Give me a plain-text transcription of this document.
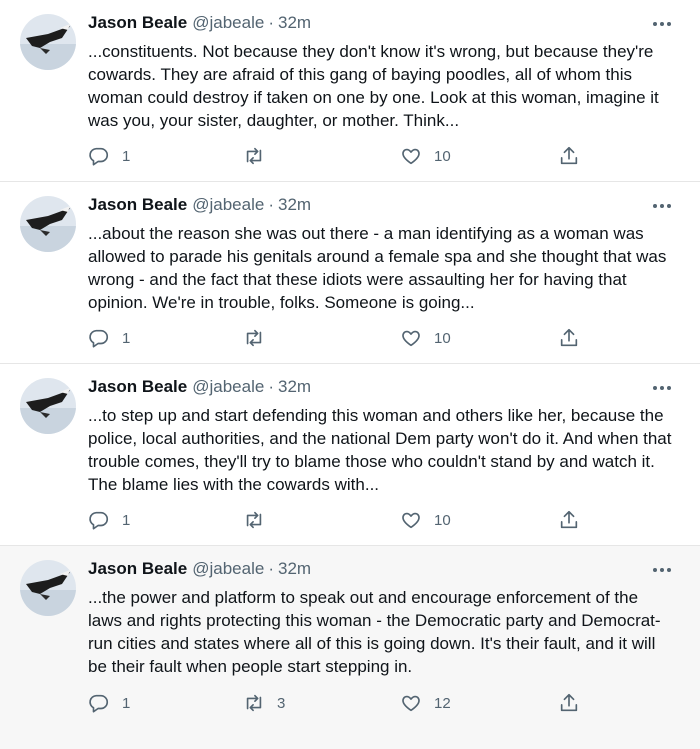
Jason Beale @jabeale · 32m
...constituents. Not because they don't know it's wrong, but because they're cowards. They are afraid of this gang of baying poodles, all of whom this woman could destroy if taken on one by one. Look at this woman, imagine it was you, your sister, daughter, or mother. Think...
1	10
Jason Beale @jabeale · 32m
...about the reason she was out there - a man identifying as a woman was allowed to parade his genitals around a female spa and she thought that was wrong - and the fact that these idiots were assaulting her for having that opinion. We're in trouble, folks. Someone is going...
1	10
Jason Beale @jabeale · 32m
...to step up and start defending this woman and others like her, because the police, local authorities, and the national Dem party won't do it. And when that trouble comes, they'll try to blame those who couldn't stand by and watch it. The blame lies with the cowards with...
1	10
Jason Beale @jabeale · 32m
...the power and platform to speak out and encourage enforcement of the laws and rights protecting this woman - the Democratic party and Democrat-run cities and states where all of this is going down. It's their fault, and it will be their fault when people start stepping in.
1	3	12
